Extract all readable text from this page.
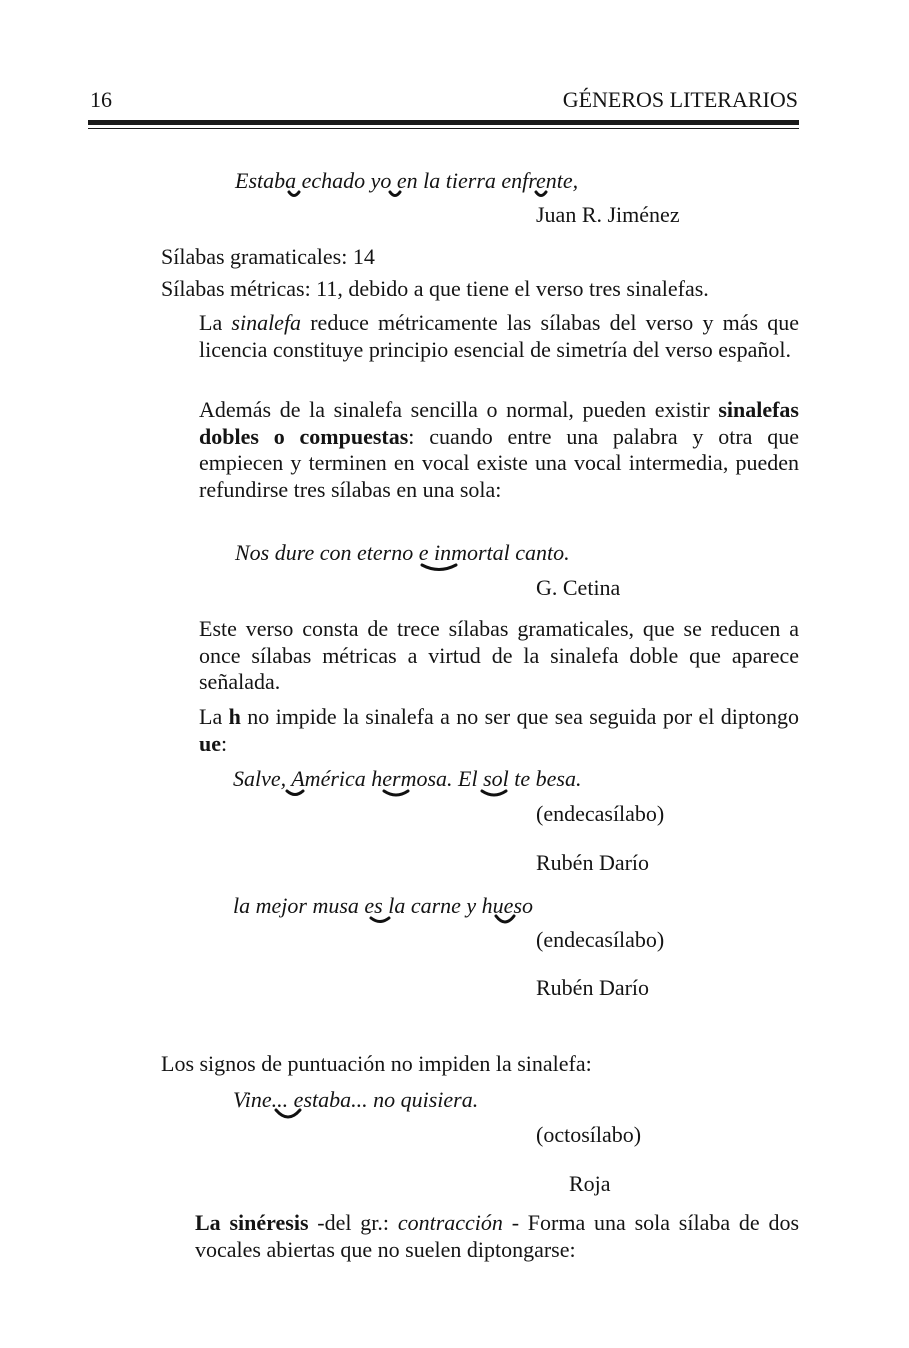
16	GÉNEROS LITERARIOS
Estaba echado yo en la tierra enfrente,
Juan R. Jiménez
Sílabas gramaticales: 14
Sílabas métricas: 11, debido a que tiene el verso tres sinalefas.
La sinalefa reduce métricamente las sílabas del verso y más que licencia constituye principio esencial de simetría del verso español.
Además de la sinalefa sencilla o normal, pueden existir sinalefas dobles o compuestas: cuando entre una palabra y otra que empiecen y terminen en vocal existe una vocal intermedia, pueden refundirse tres sílabas en una sola:
Nos dure con eterno e inmortal canto.
G. Cetina
Este verso consta de trece sílabas gramaticales, que se reducen a once sílabas métricas a virtud de la sinalefa doble que aparece señalada.
La h no impide la sinalefa a no ser que sea seguida por el diptongo ue:
Salve, América hermosa. El sol te besa.
(endecasílabo)
Rubén Darío
la mejor musa es la carne y hueso
(endecasílabo)
Rubén Darío
Los signos de puntuación no impiden la sinalefa:
Vine... estaba... no quisiera.
(octosílabo)
Roja
La sinéresis -del gr.: contracción - Forma una sola sílaba de dos vocales abiertas que no suelen diptongarse:
